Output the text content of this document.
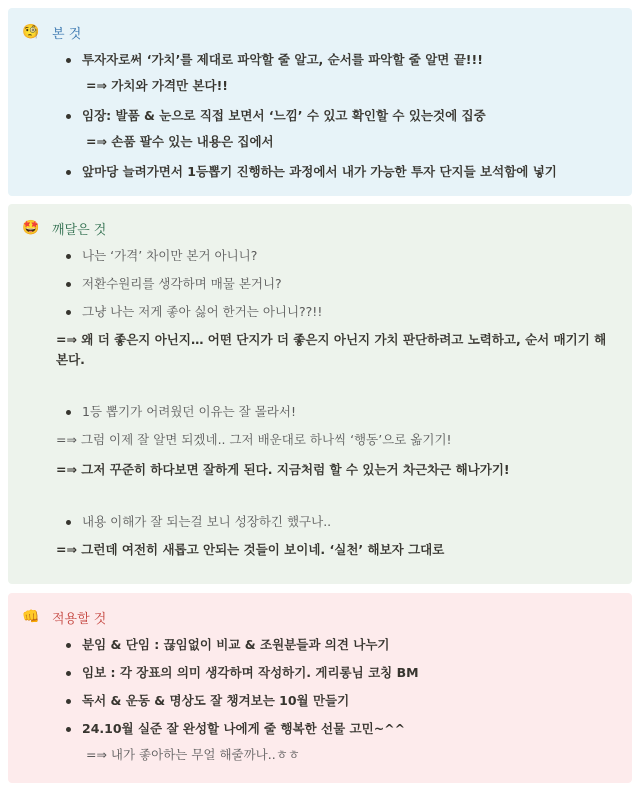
🧐 본 것
투자자로써 ‘가치’를 제대로 파악할 줄 알고, 순서를 파악할 줄 알면 끝!!!
=⇒ 가치와 가격만 본다!!
임장: 발품 & 눈으로 직접 보면서 ‘느낌’ 수 있고 확인할 수 있는것에 집중
=⇒ 손품 팔수 있는 내용은 집에서
앞마당 늘려가면서 1등뽑기 진행하는 과정에서 내가 가능한 투자 단지들 보석함에 넣기
🤩 깨달은 것
나는 ‘가격’ 차이만 본거 아니니?
저환수원리를 생각하며 매물 본거니?
그냥 나는 저게 좋아 싫어 한거는 아니니??!!
=⇒ 왜 더 좋은지 아닌지… 어떤 단지가 더 좋은지 아닌지 가치 판단하려고 노력하고, 순서 매기기 해본다.
1등 뽑기가 어려웠던 이유는 잘 몰라서!
=⇒ 그럼 이제 잘 알면 되겠네.. 그저 배운대로 하나씩 ‘행동’으로 옮기기!
=⇒ 그저 꾸준히 하다보면 잘하게 된다. 지금처럼 할 수 있는거 차근차근 해나가기!
내용 이해가 잘 되는걸 보니 성장하긴 했구나..
=⇒ 그런데 여전히 새롭고 안되는 것들이 보이네. ‘실천’ 해보자 그대로
👊 적용할 것
분임 & 단임 : 끊임없이 비교 & 조원분들과 의견 나누기
임보 : 각 장표의 의미 생각하며 작성하기. 게리롱님 코칭 BM
독서 & 운동 & 명상도 잘 챙겨보는 10월 만들기
24.10월 실준 잘 완성할 나에게 줄 행복한 선물 고민~^^
=⇒ 내가 좋아하는 무얼 해줄까나..ㅎㅎ
